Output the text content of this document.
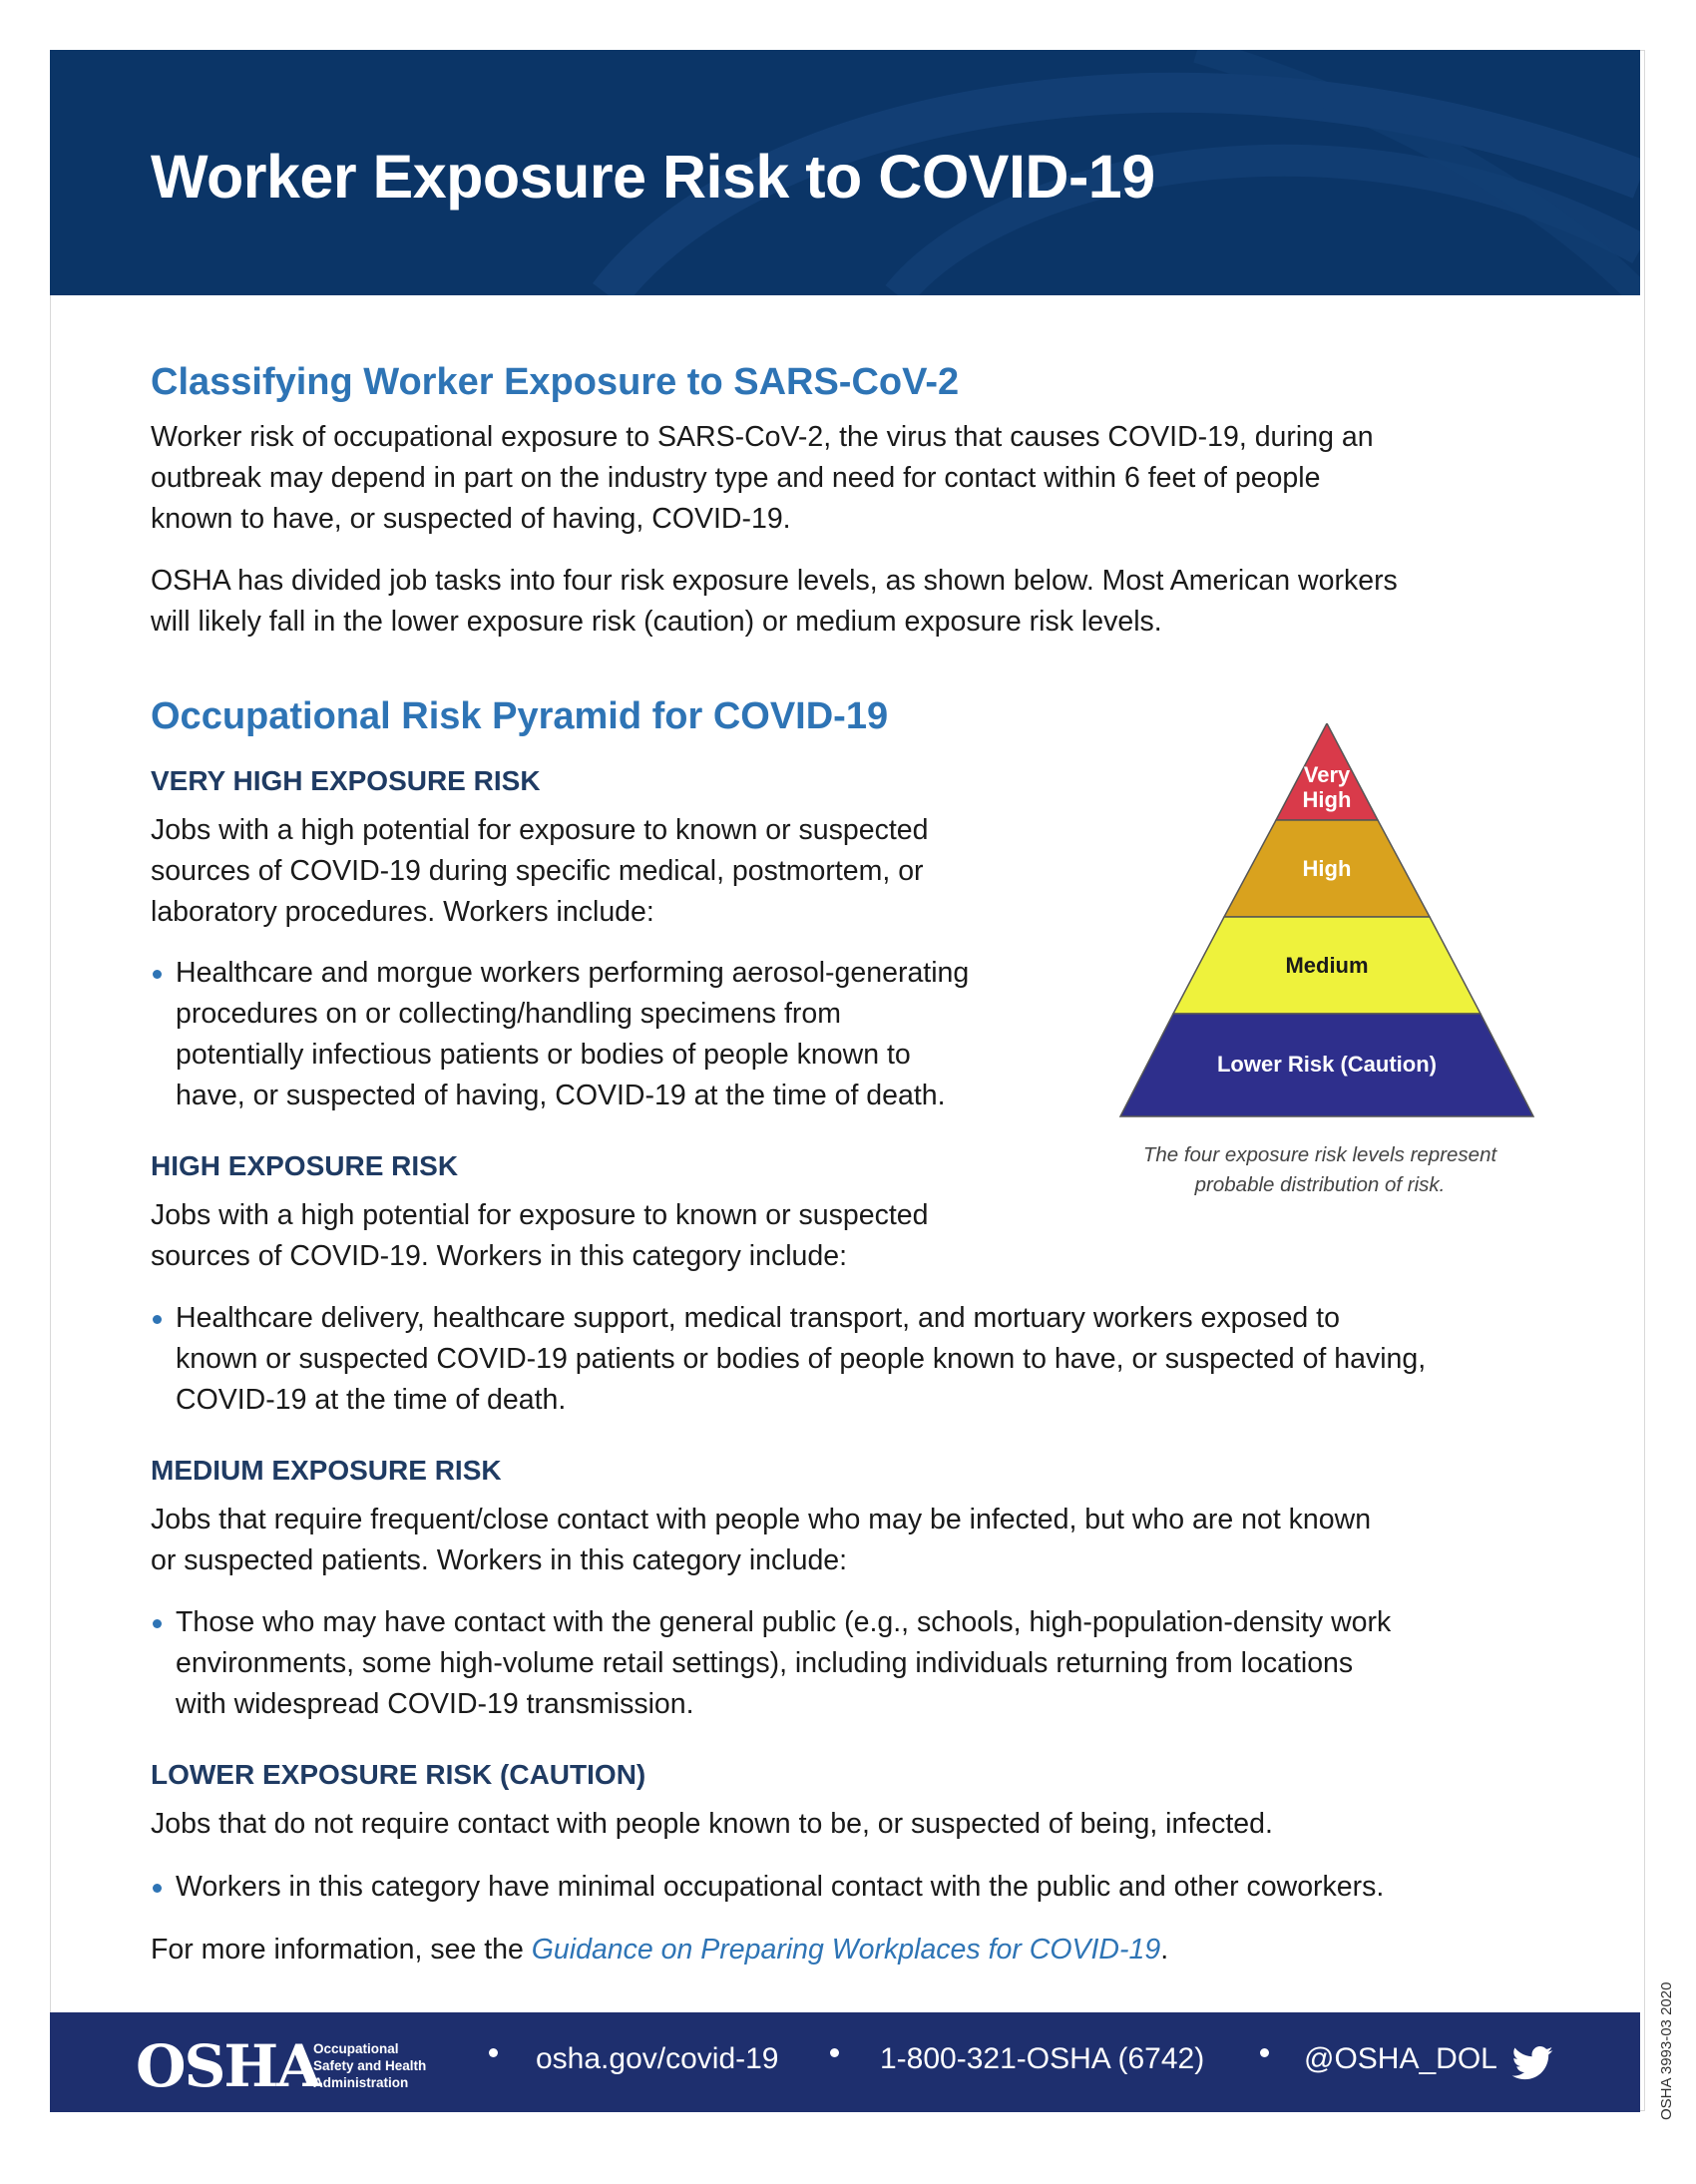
Worker Exposure Risk to COVID-19
Classifying Worker Exposure to SARS-CoV-2

Worker risk of occupational exposure to SARS-CoV-2, the virus that causes COVID-19, during an

outbreak may depend in part on the industry type and need for contact within 6 feet of people

known to have, or suspected of having, COVID-19.

OSHA has divided job tasks into four risk exposure levels, as shown below. Most American workers

will likely fall in the lower exposure risk (caution) or medium exposure risk levels.

Occupational Risk Pyramid for COVID-19
VERY HIGH EXPOSURE RISK

Jobs with a high potential for exposure to known or suspected

sources of COVID-19 during specific medical, postmortem, or

laboratory procedures. Workers include:

Healthcare and morgue workers performing aerosol-generating

procedures on or collecting/handling specimens from

potentially infectious patients or bodies of people known to

have, or suspected of having, COVID-19 at the time of death.

HIGH EXPOSURE RISK

Jobs with a high potential for exposure to known or suspected

sources of COVID-19. Workers in this category include:

Healthcare delivery, healthcare support, medical transport, and mortuary workers exposed to

known or suspected COVID-19 patients or bodies of people known to have, or suspected of having,

COVID-19 at the time of death.

MEDIUM EXPOSURE RISK

Jobs that require frequent/close contact with people who may be infected, but who are not known

or suspected patients. Workers in this category include:

Those who may have contact with the general public (e.g., schools, high-population-density work

environments, some high-volume retail settings), including individuals returning from locations

with widespread COVID-19 transmission.

LOWER EXPOSURE RISK (CAUTION)

Jobs that do not require contact with people known to be, or suspected of being, infected.

Workers in this category have minimal occupational contact with the public and other coworkers.

For more information, see the Guidance on Preparing Workplaces for COVID-19.

Very
High
High
Medium
Lower Risk (Caution)
The four exposure risk levels represent
probable distribution of risk.
OSHA
Occupational
Safety and Health
Administration
osha.gov/covid-19	1-800-321-OSHA (6742)	@OSHA_DOL	OSHA 3993-03 2020
